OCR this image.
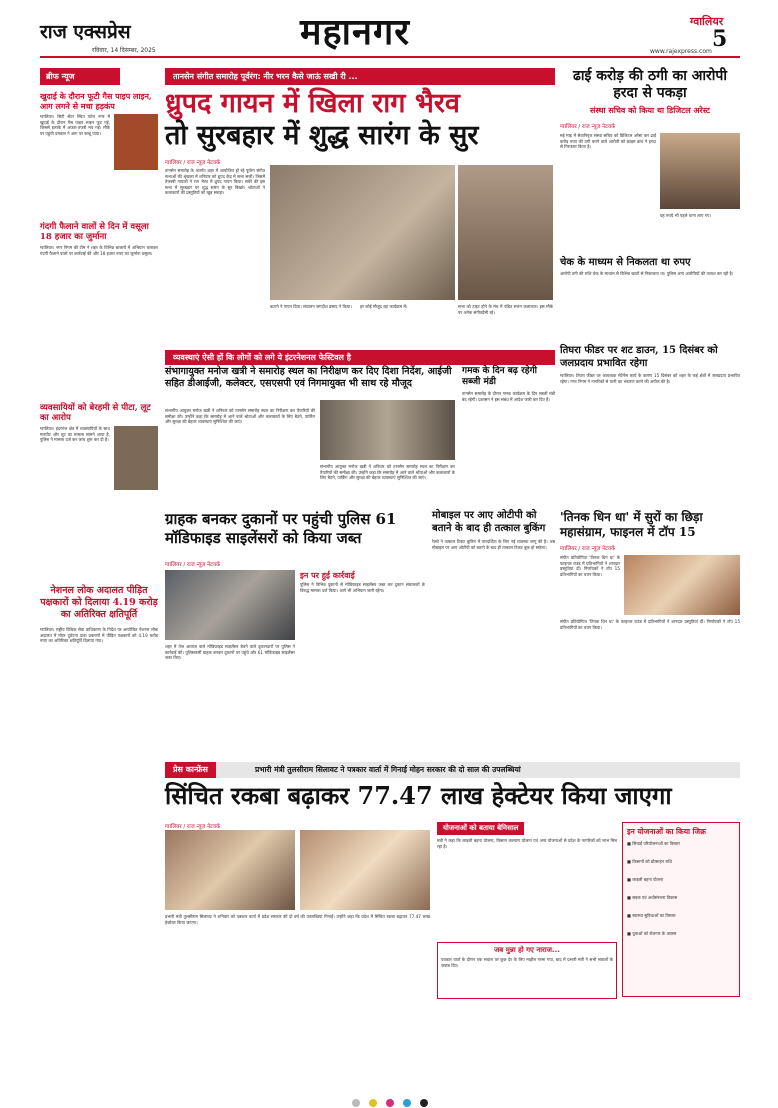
राज एक्सप्रेस
रविवार, 14 दिसम्बर, 2025	महानगर	ग्वालियर
5
www.rajexpress.com
ब्रीफ न्यूज
खुदाई के दौरान फूटी गैस पाइप लाइन, आग लगने से मचा हड़कंप
ग्वालियर। सिटी सेंटर स्थित पटेल नगर में खुदाई के दौरान गैस पाइप लाइन फूट गई, जिससे इलाके में अफरा-तफरी मच गई। मौके पर पहुंची दमकल ने आग पर काबू पाया।
गंदगी फैलाने वालों से दिन में वसूला 18 हजार का जुर्माना
ग्वालियर। नगर निगम की टीम ने शहर के विभिन्न बाजारों में अभियान चलाकर गंदगी फैलाने वालों पर कार्रवाई की और 18 हजार रुपए का जुर्माना वसूला।
व्यवसायियों को बेरहमी से पीटा, लूट का आरोप
ग्वालियर। इंदरगंज क्षेत्र में व्यवसायियों के साथ मारपीट और लूट का मामला सामने आया है, पुलिस ने मामला दर्ज कर जांच शुरू कर दी है।
नेशनल लोक अदालत पीड़ित पक्षकारों को दिलाया 4.19 करोड़ का अतिरिक्त क्षतिपूर्ति
ग्वालियर। राष्ट्रीय विधिक सेवा प्राधिकरण के निर्देश पर आयोजित नेशनल लोक अदालत में मोटर दुर्घटना दावा प्रकरणों में पीड़ित पक्षकारों को 4.19 करोड़ रुपए का अतिरिक्त क्षतिपूर्ति दिलाया गया।
तानसेन संगीत समारोह पूर्वरंग: नीर भरन कैसे जाऊं सखी री ...
ध्रुपद गायन में खिला राग भैरव
तो सुरबहार में शुद्ध सारंग के सुर
ग्वालियर / राज न्यूज़ नेटवर्क
तानसेन समारोह के अंतर्गत शहर में आयोजित हो रहे पूर्वरंग संगीत सभाओं की श्रृंखला में शनिवार को ध्रुपद केंद्र में सभा सजी। जिसमें तेजस्वी गायकों ने राग भैरव में ध्रुपद गायन किया। सवेरे की इस सभा में सुरबहार पर शुद्ध सारंग के सुर बिखरे। श्रोताओं ने कलाकारों की प्रस्तुतियों को खूब सराहा।
कटाने ने गायन दिया। संचालन जगदीश प्रसाद ने किया।	हर कोई मौजूद रहा कार्यक्रम में।	सभा को टाइट होने के मंच में पंडित सारंग कलाकार। इस मौके पर अनेक संगीतप्रेमी रहे।
ढाई करोड़ की ठगी का आरोपी हरदा से पकड़ा
संस्था सचिव को किया था डिजिटल अरेस्ट
ग्वालियर / राज न्यूज़ नेटवर्क
मई माह में सेवानिवृत्त संस्था सचिव को डिजिटल अरेस्ट कर ढाई करोड़ रुपए की ठगी करने वाले आरोपी को क्राइम ब्रांच ने हरदा से गिरफ्तार किया है।
यह रुपये भी पहले थाना लाए गए।
चेक के माध्यम से निकलता था रुपए
आरोपी ठगी की राशि चेक के माध्यम से विभिन्न खातों से निकालता था। पुलिस अन्य आरोपियों की तलाश कर रही है।
व्यवस्थाएं ऐसी हों कि लोगों को लगे ये इंटरनेशनल फेस्टिवल है
संभागायुक्त मनोज खत्री ने समारोह स्थल का निरीक्षण कर दिए दिशा निर्देश, आईजी सहित डीआईजी, कलेक्टर, एसएसपी एवं निगमायुक्त भी साथ रहे मौजूद
संभागीय आयुक्त मनोज खत्री ने शनिवार को तानसेन समारोह स्थल का निरीक्षण कर तैयारियों की समीक्षा की। उन्होंने कहा कि समारोह में आने वाले श्रोताओं और कलाकारों के लिए बैठने, पार्किंग और सुरक्षा की बेहतर व्यवस्थाएं सुनिश्चित की जाएं।
संभागीय आयुक्त मनोज खत्री ने शनिवार को तानसेन समारोह स्थल का निरीक्षण कर तैयारियों की समीक्षा की। उन्होंने कहा कि समारोह में आने वाले श्रोताओं और कलाकारों के लिए बैठने, पार्किंग और सुरक्षा की बेहतर व्यवस्थाएं सुनिश्चित की जाएं।
गमक के दिन बढ़ रहेगी सब्जी मंडी
तानसेन समारोह के दौरान गमक कार्यक्रम के दिन सब्जी मंडी बंद रहेगी। प्रशासन ने इस संबंध में आदेश जारी कर दिए हैं।
तिघरा फीडर पर शट डाउन, 15 दिसंबर को जलप्रदाय प्रभावित रहेगा
ग्वालियर। तिघरा फीडर पर आवश्यक मेंटेनेंस कार्य के कारण 15 दिसंबर को शहर के कई क्षेत्रों में जलप्रदाय प्रभावित रहेगा। नगर निगम ने नागरिकों से पानी का भंडारण करने की अपील की है।
ग्राहक बनकर दुकानों पर पहुंची पुलिस 61 मॉडिफाइड साइलेंसरों को किया जब्त
ग्वालियर / राज न्यूज़ नेटवर्क
शहर में तेज आवाज वाले मॉडिफाइड साइलेंसर बेचने वाले दुकानदारों पर पुलिस ने कार्रवाई की। पुलिसकर्मी ग्राहक बनकर दुकानों पर पहुंचे और 61 मॉडिफाइड साइलेंसर जब्त किए।
इन पर हुई कार्रवाई
पुलिस ने विभिन्न दुकानों से मॉडिफाइड साइलेंसर जब्त कर दुकान संचालकों के विरुद्ध मामला दर्ज किया। आगे भी अभियान जारी रहेगा।
मोबाइल पर आए ओटीपी को बताने के बाद ही तत्काल बुकिंग
रेलवे ने तत्काल टिकट बुकिंग में पारदर्शिता के लिए नई व्यवस्था लागू की है। अब मोबाइल पर आए ओटीपी को बताने के बाद ही तत्काल टिकट बुक हो सकेगा।
'तिनक धिन धा' में सुरों का छिड़ा महासंग्राम, फाइनल में टॉप 15
ग्वालियर / राज न्यूज़ नेटवर्क
संगीत प्रतियोगिता 'तिनक धिन धा' के फाइनल राउंड में प्रतिभागियों ने शानदार प्रस्तुतियां दीं। निर्णायकों ने टॉप 15 प्रतिभागियों का चयन किया।
संगीत प्रतियोगिता 'तिनक धिन धा' के फाइनल राउंड में प्रतिभागियों ने शानदार प्रस्तुतियां दीं। निर्णायकों ने टॉप 15 प्रतिभागियों का चयन किया।
प्रेस कान्फ्रेंस	प्रभारी मंत्री तुलसीराम सिलावट ने पत्रकार वार्ता में गिनाई मोहन सरकार की दो साल की उपलब्धियां
सिंचित रकबा बढ़ाकर 77.47 लाख हेक्टेयर किया जाएगा
ग्वालियर / राज न्यूज़ नेटवर्क
प्रभारी मंत्री तुलसीराम सिलावट ने शनिवार को पत्रकार वार्ता में प्रदेश सरकार की दो वर्ष की उपलब्धियां गिनाईं। उन्होंने कहा कि प्रदेश में सिंचित रकबा बढ़ाकर 77.47 लाख हेक्टेयर किया जाएगा।
योजनाओं को बताया बेमिसाल
मंत्री ने कहा कि लाड़ली बहना योजना, किसान कल्याण योजना एवं अन्य योजनाओं से प्रदेश के नागरिकों को लाभ मिल रहा है।
इन योजनाओं का किया जिक्र
■ सिंचाई परियोजनाओं का विस्तार
■ किसानों को प्रोत्साहन राशि
■ लाड़ली बहना योजना
■ सड़क एवं अधोसंरचना विकास
■ स्वास्थ्य सुविधाओं का विस्तार
■ युवाओं को रोजगार के अवसर
जब मुन्ना हो गए नाराज...
पत्रकार वार्ता के दौरान एक सवाल पर कुछ देर के लिए माहौल गरमा गया, बाद में प्रभारी मंत्री ने सभी सवालों के जवाब दिए।
